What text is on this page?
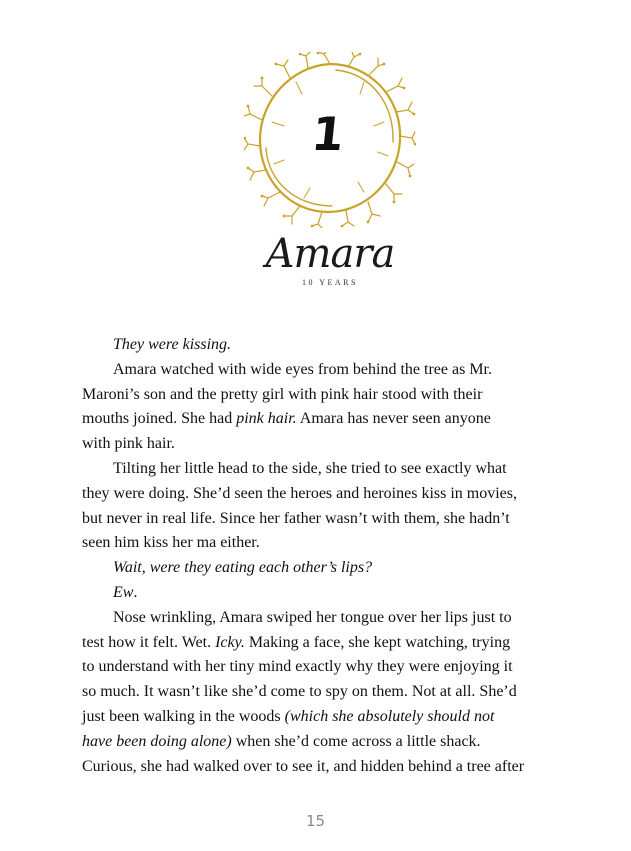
1
Amara
10 YEARS

They were kissing.

Amara watched with wide eyes from behind the tree as Mr.

Maroni’s son and the pretty girl with pink hair stood with their

mouths joined. She had pink hair. Amara has never seen anyone

with pink hair.

Tilting her little head to the side, she tried to see exactly what

they were doing. She’d seen the heroes and heroines kiss in movies,

but never in real life. Since her father wasn’t with them, she hadn’t

seen him kiss her ma either.

Wait, were they eating each other’s lips?

Ew.

Nose wrinkling, Amara swiped her tongue over her lips just to

test how it felt. Wet. Icky. Making a face, she kept watching, trying

to understand with her tiny mind exactly why they were enjoying it

so much. It wasn’t like she’d come to spy on them. Not at all. She’d

just been walking in the woods (which she absolutely should not

have been doing alone) when she’d come across a little shack.

Curious, she had walked over to see it, and hidden behind a tree after

15
